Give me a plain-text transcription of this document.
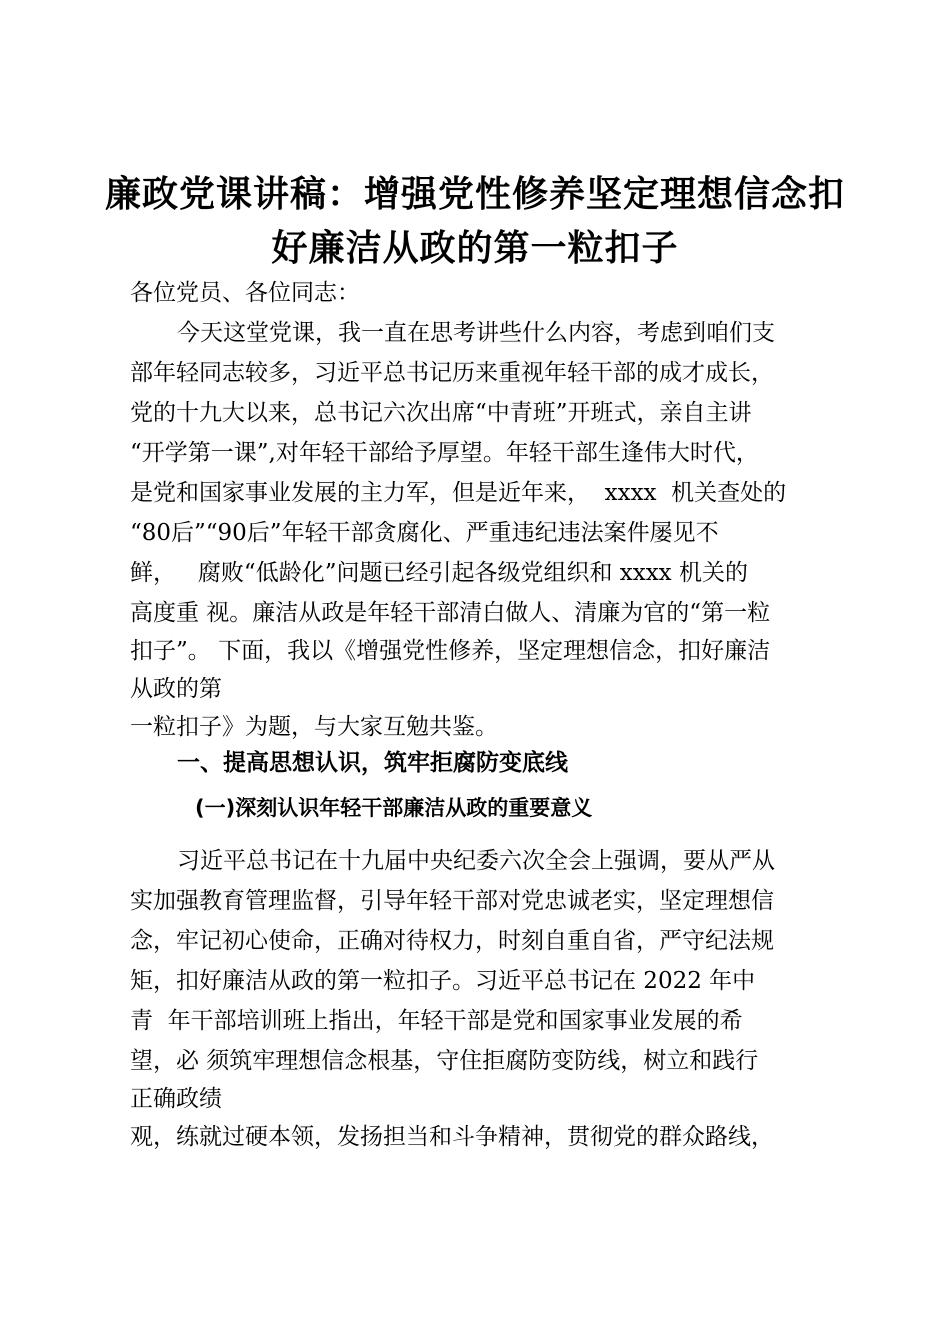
廉政党课讲稿：增强党性修养坚定理想信念扣
好廉洁从政的第一粒扣子
各位党员、各位同志：
今天这堂党课，我一直在思考讲些什么内容，考虑到咱们支
部年轻同志较多，习近平总书记历来重视年轻干部的成才成长，
党的十九大以来，总书记六次出席“中青班”开班式，亲自主讲
“开学第一课”,对年轻干部给予厚望。年轻干部生逢伟大时代，
是党和国家事业发展的主力军，但是近年来，  xxxx  机关查处的
“80后”“90后”年轻干部贪腐化、严重违纪违法案件屡见不
鲜，   腐败“低龄化”问题已经引起各级党组织和 xxxx 机关的
高度重 视。廉洁从政是年轻干部清白做人、清廉为官的“第一粒
扣子”。 下面，我以《增强党性修养，坚定理想信念，扣好廉洁
从政的第
一粒扣子》为题，与大家互勉共鉴。
一、提高思想认识，筑牢拒腐防变底线
(一)深刻认识年轻干部廉洁从政的重要意义
习近平总书记在十九届中央纪委六次全会上强调，要从严从
实加强教育管理监督，引导年轻干部对党忠诚老实，坚定理想信
念，牢记初心使命，正确对待权力，时刻自重自省，严守纪法规
矩，扣好廉洁从政的第一粒扣子。习近平总书记在 2022 年中
青  年干部培训班上指出，年轻干部是党和国家事业发展的希
望，必 须筑牢理想信念根基，守住拒腐防变防线，树立和践行
正确政绩
观，练就过硬本领，发扬担当和斗争精神，贯彻党的群众路线，
